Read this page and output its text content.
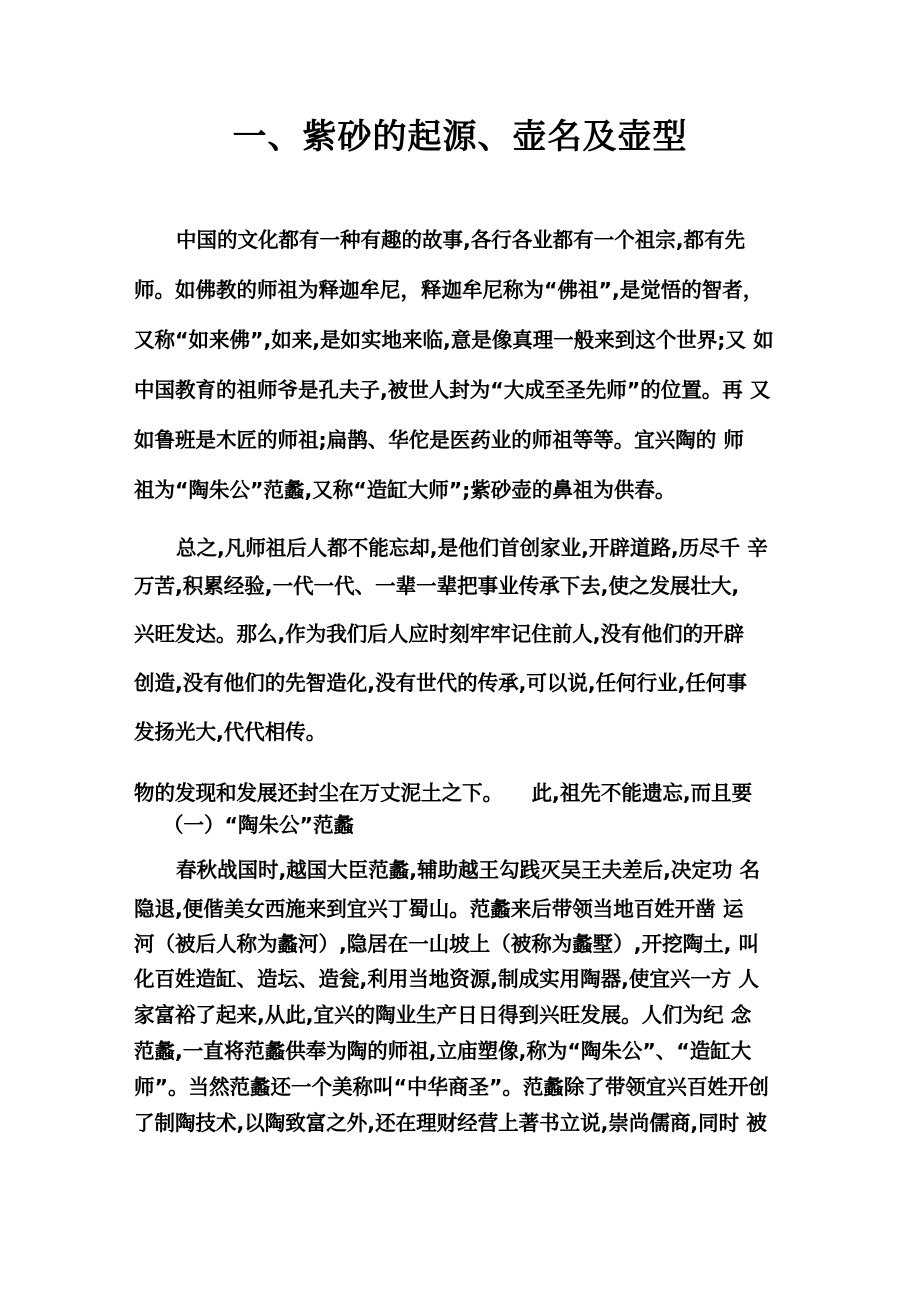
一、紫砂的起源、壶名及壶型
中国的文化都有一种有趣的故事,各行各业都有一个祖宗,都有先
师。如佛教的师祖为释迦牟尼，释迦牟尼称为“佛祖”,是觉悟的智者，
又称“如来佛”,如来,是如实地来临,意是像真理一般来到这个世界;又 如
中国教育的祖师爷是孔夫子,被世人封为“大成至圣先师”的位置。再 又
如鲁班是木匠的师祖;扁鹊、华佗是医药业的师祖等等。宜兴陶的 师
祖为“陶朱公”范蠡,又称“造缸大师”;紫砂壶的鼻祖为供春。
总之,凡师祖后人都不能忘却,是他们首创家业,开辟道路,历尽千 辛
万苦,积累经验,一代一代、一辈一辈把事业传承下去,使之发展壮大,
兴旺发达。那么,作为我们后人应时刻牢牢记住前人,没有他们的开辟
创造,没有他们的先智造化,没有世代的传承,可以说,任何行业,任何事
发扬光大,代代相传。
物的发现和发展还封尘在万丈泥土之下。    此,祖先不能遗忘,而且要
（一）“陶朱公”范蠡
春秋战国时,越国大臣范蠡,辅助越王勾践灭吴王夫差后,决定功 名
隐退,便偕美女西施来到宜兴丁蜀山。范蠡来后带领当地百姓开凿 运
河（被后人称为蠡河）,隐居在一山坡上（被称为蠡墅）,开挖陶土, 叫
化百姓造缸、造坛、造瓮,利用当地资源,制成实用陶器,使宜兴一方 人
家富裕了起来,从此,宜兴的陶业生产日日得到兴旺发展。人们为纪 念
范蠡,一直将范蠡供奉为陶的师祖,立庙塑像,称为“陶朱公”、“造缸大
师”。当然范蠡还一个美称叫“中华商圣”。范蠡除了带领宜兴百姓开创
了制陶技术,以陶致富之外,还在理财经营上著书立说,崇尚儒商,同时 被
